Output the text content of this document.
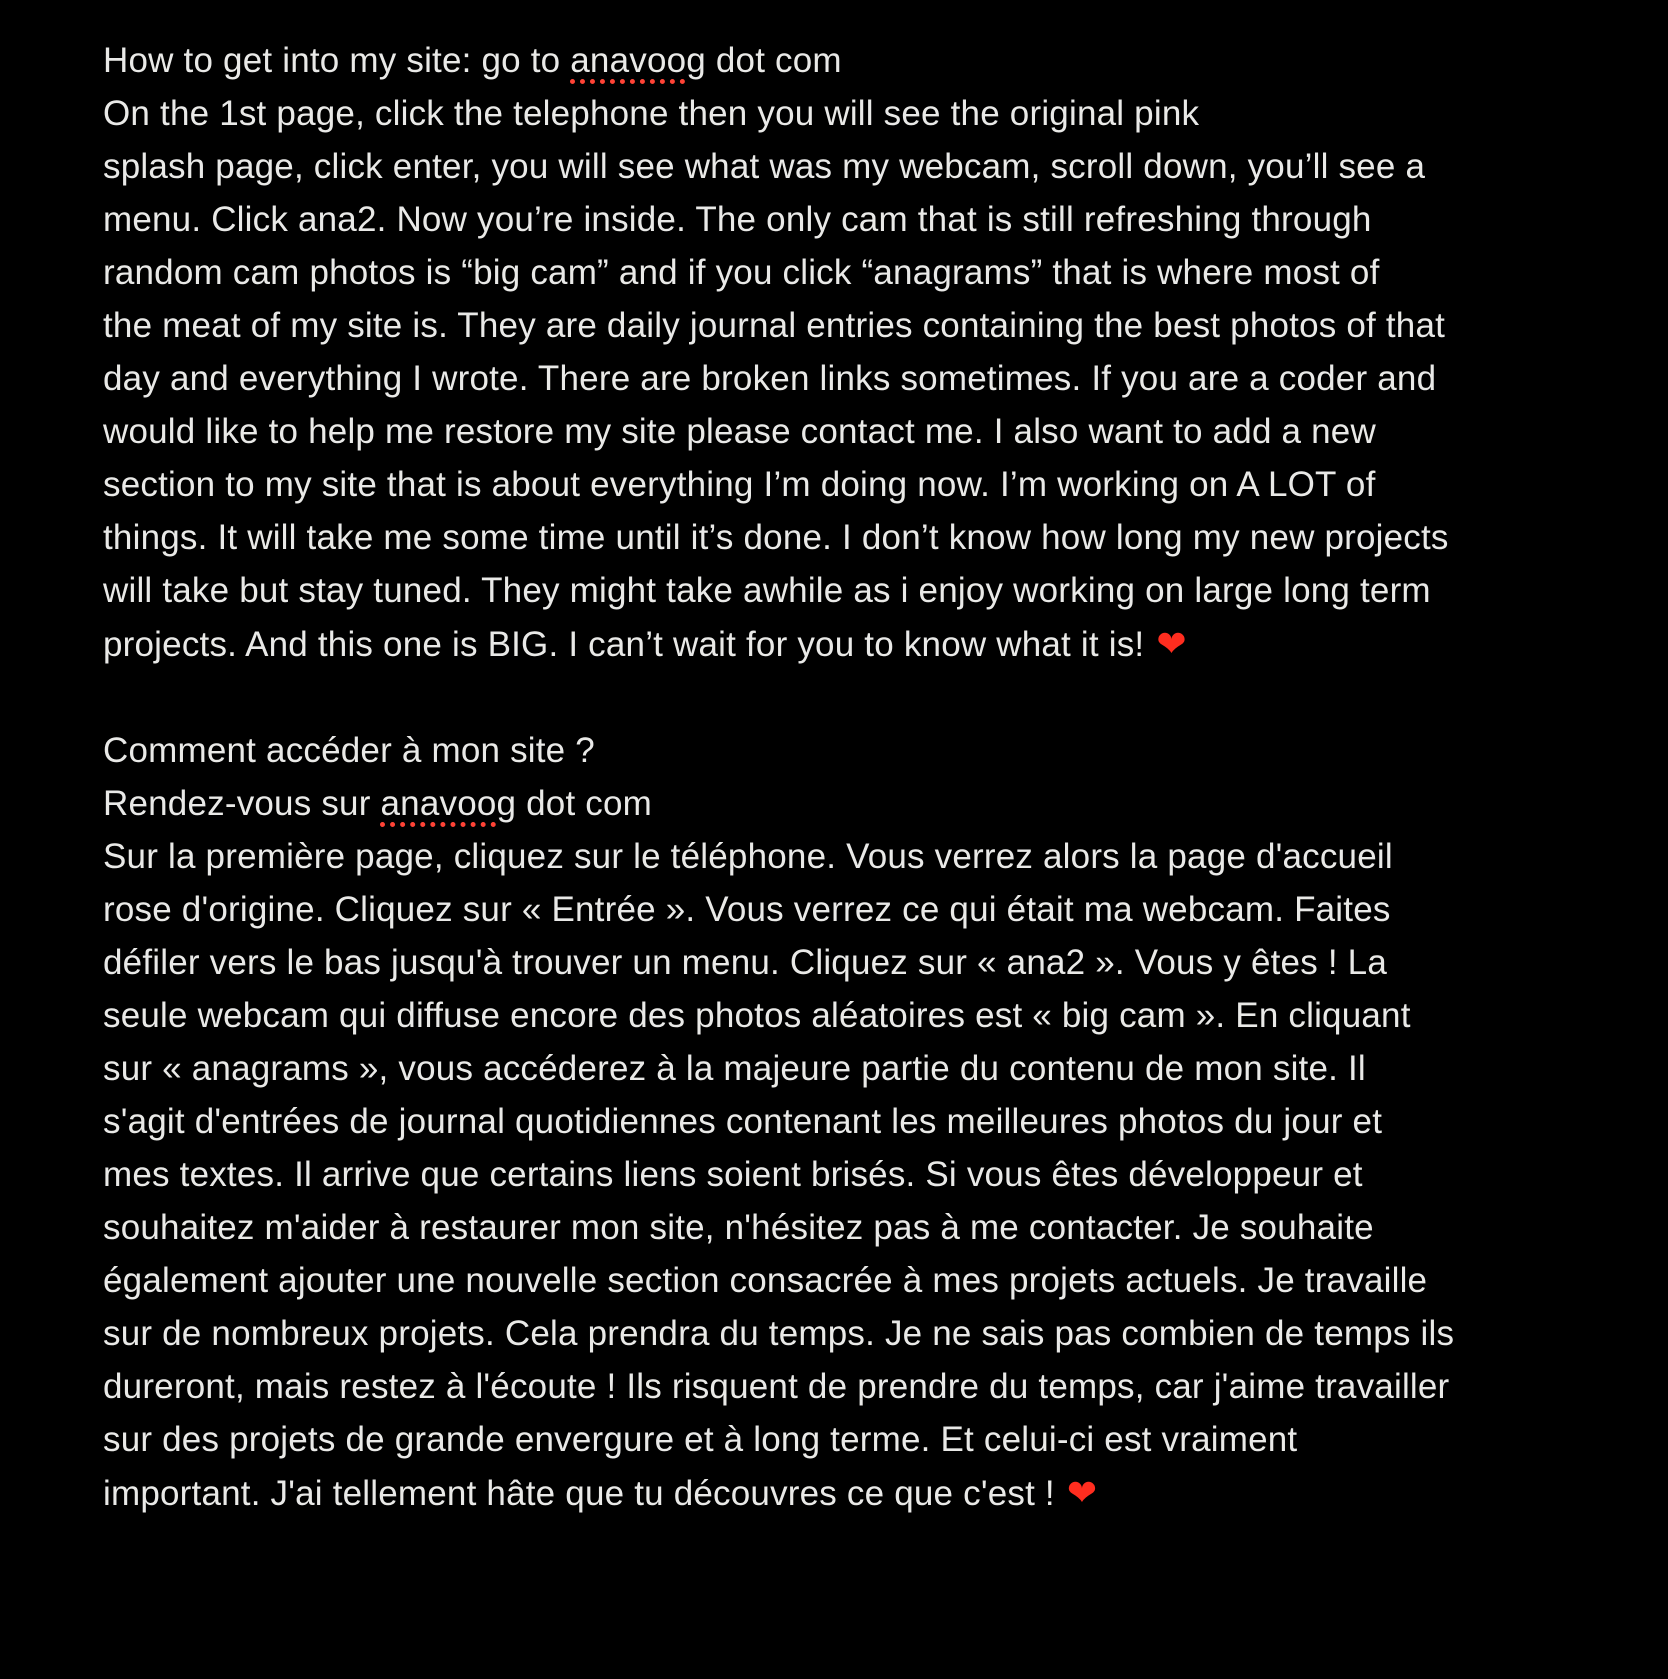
How to get into my site: go to anavoog dot com
On the 1st page, click the telephone then you will see the original pink
splash page, click enter, you will see what was my webcam, scroll down, you’ll see a
menu. Click ana2. Now you’re inside. The only cam that is still refreshing through
random cam photos is “big cam” and if you click “anagrams” that is where most of
the meat of my site is. They are daily journal entries containing the best photos of that
day and everything I wrote. There are broken links sometimes. If you are a coder and
would like to help me restore my site please contact me. I also want to add a new
section to my site that is about everything I’m doing now. I’m working on A LOT of
things. It will take me some time until it’s done. I don’t know how long my new projects
will take but stay tuned. They might take awhile as i enjoy working on large long term
projects. And this one is BIG. I can’t wait for you to know what it is! ❤
Comment accéder à mon site ?
Rendez-vous sur anavoog dot com
Sur la première page, cliquez sur le téléphone. Vous verrez alors la page d'accueil
rose d'origine. Cliquez sur « Entrée ». Vous verrez ce qui était ma webcam. Faites
défiler vers le bas jusqu'à trouver un menu. Cliquez sur « ana2 ». Vous y êtes ! La
seule webcam qui diffuse encore des photos aléatoires est « big cam ». En cliquant
sur « anagrams », vous accéderez à la majeure partie du contenu de mon site. Il
s'agit d'entrées de journal quotidiennes contenant les meilleures photos du jour et
mes textes. Il arrive que certains liens soient brisés. Si vous êtes développeur et
souhaitez m'aider à restaurer mon site, n'hésitez pas à me contacter. Je souhaite
également ajouter une nouvelle section consacrée à mes projets actuels. Je travaille
sur de nombreux projets. Cela prendra du temps. Je ne sais pas combien de temps ils
dureront, mais restez à l'écoute ! Ils risquent de prendre du temps, car j'aime travailler
sur des projets de grande envergure et à long terme. Et celui-ci est vraiment
important. J'ai tellement hâte que tu découvres ce que c'est ! ❤
